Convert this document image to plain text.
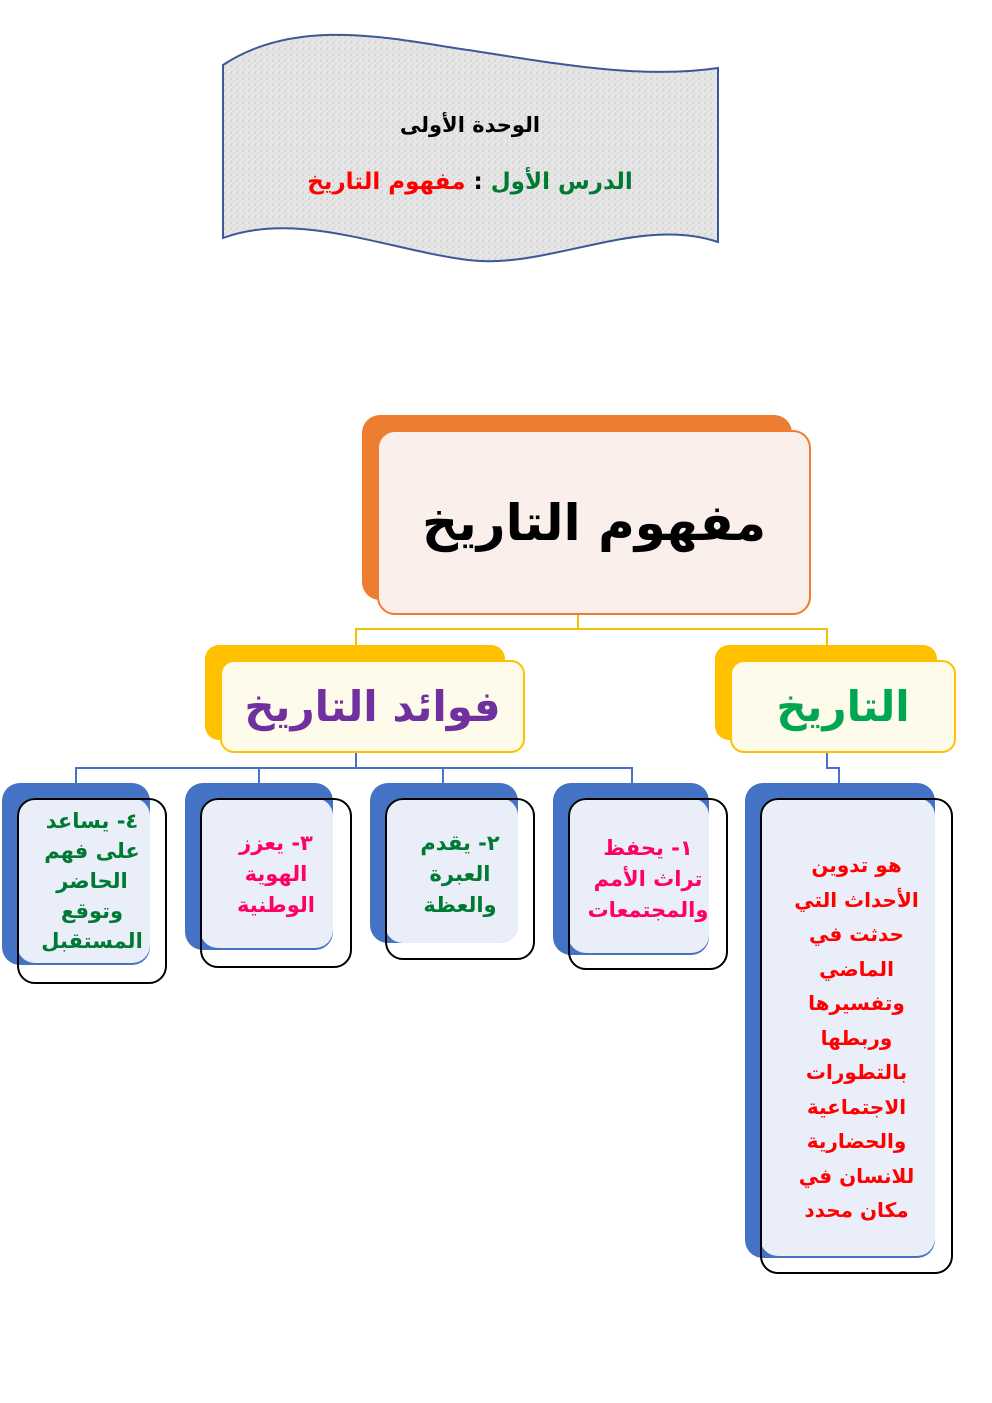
الوحدة الأولى
الدرس الأول : مفهوم التاريخ
مفهوم التاريخ
فوائد التاريخ	التاريخ
هو تدوين
الأحداث التي
حدثت في
الماضي
وتفسيرها
وربطها
بالتطورات
الاجتماعية
والحضارية
للانسان في
مكان محدد
١- يحفظ
تراث الأمم
والمجتمعات
٢- يقدم
العبرة
والعظة
٣- يعزز
الهوية
الوطنية
٤- يساعد
على فهم
الحاضر
وتوقع
المستقبل
